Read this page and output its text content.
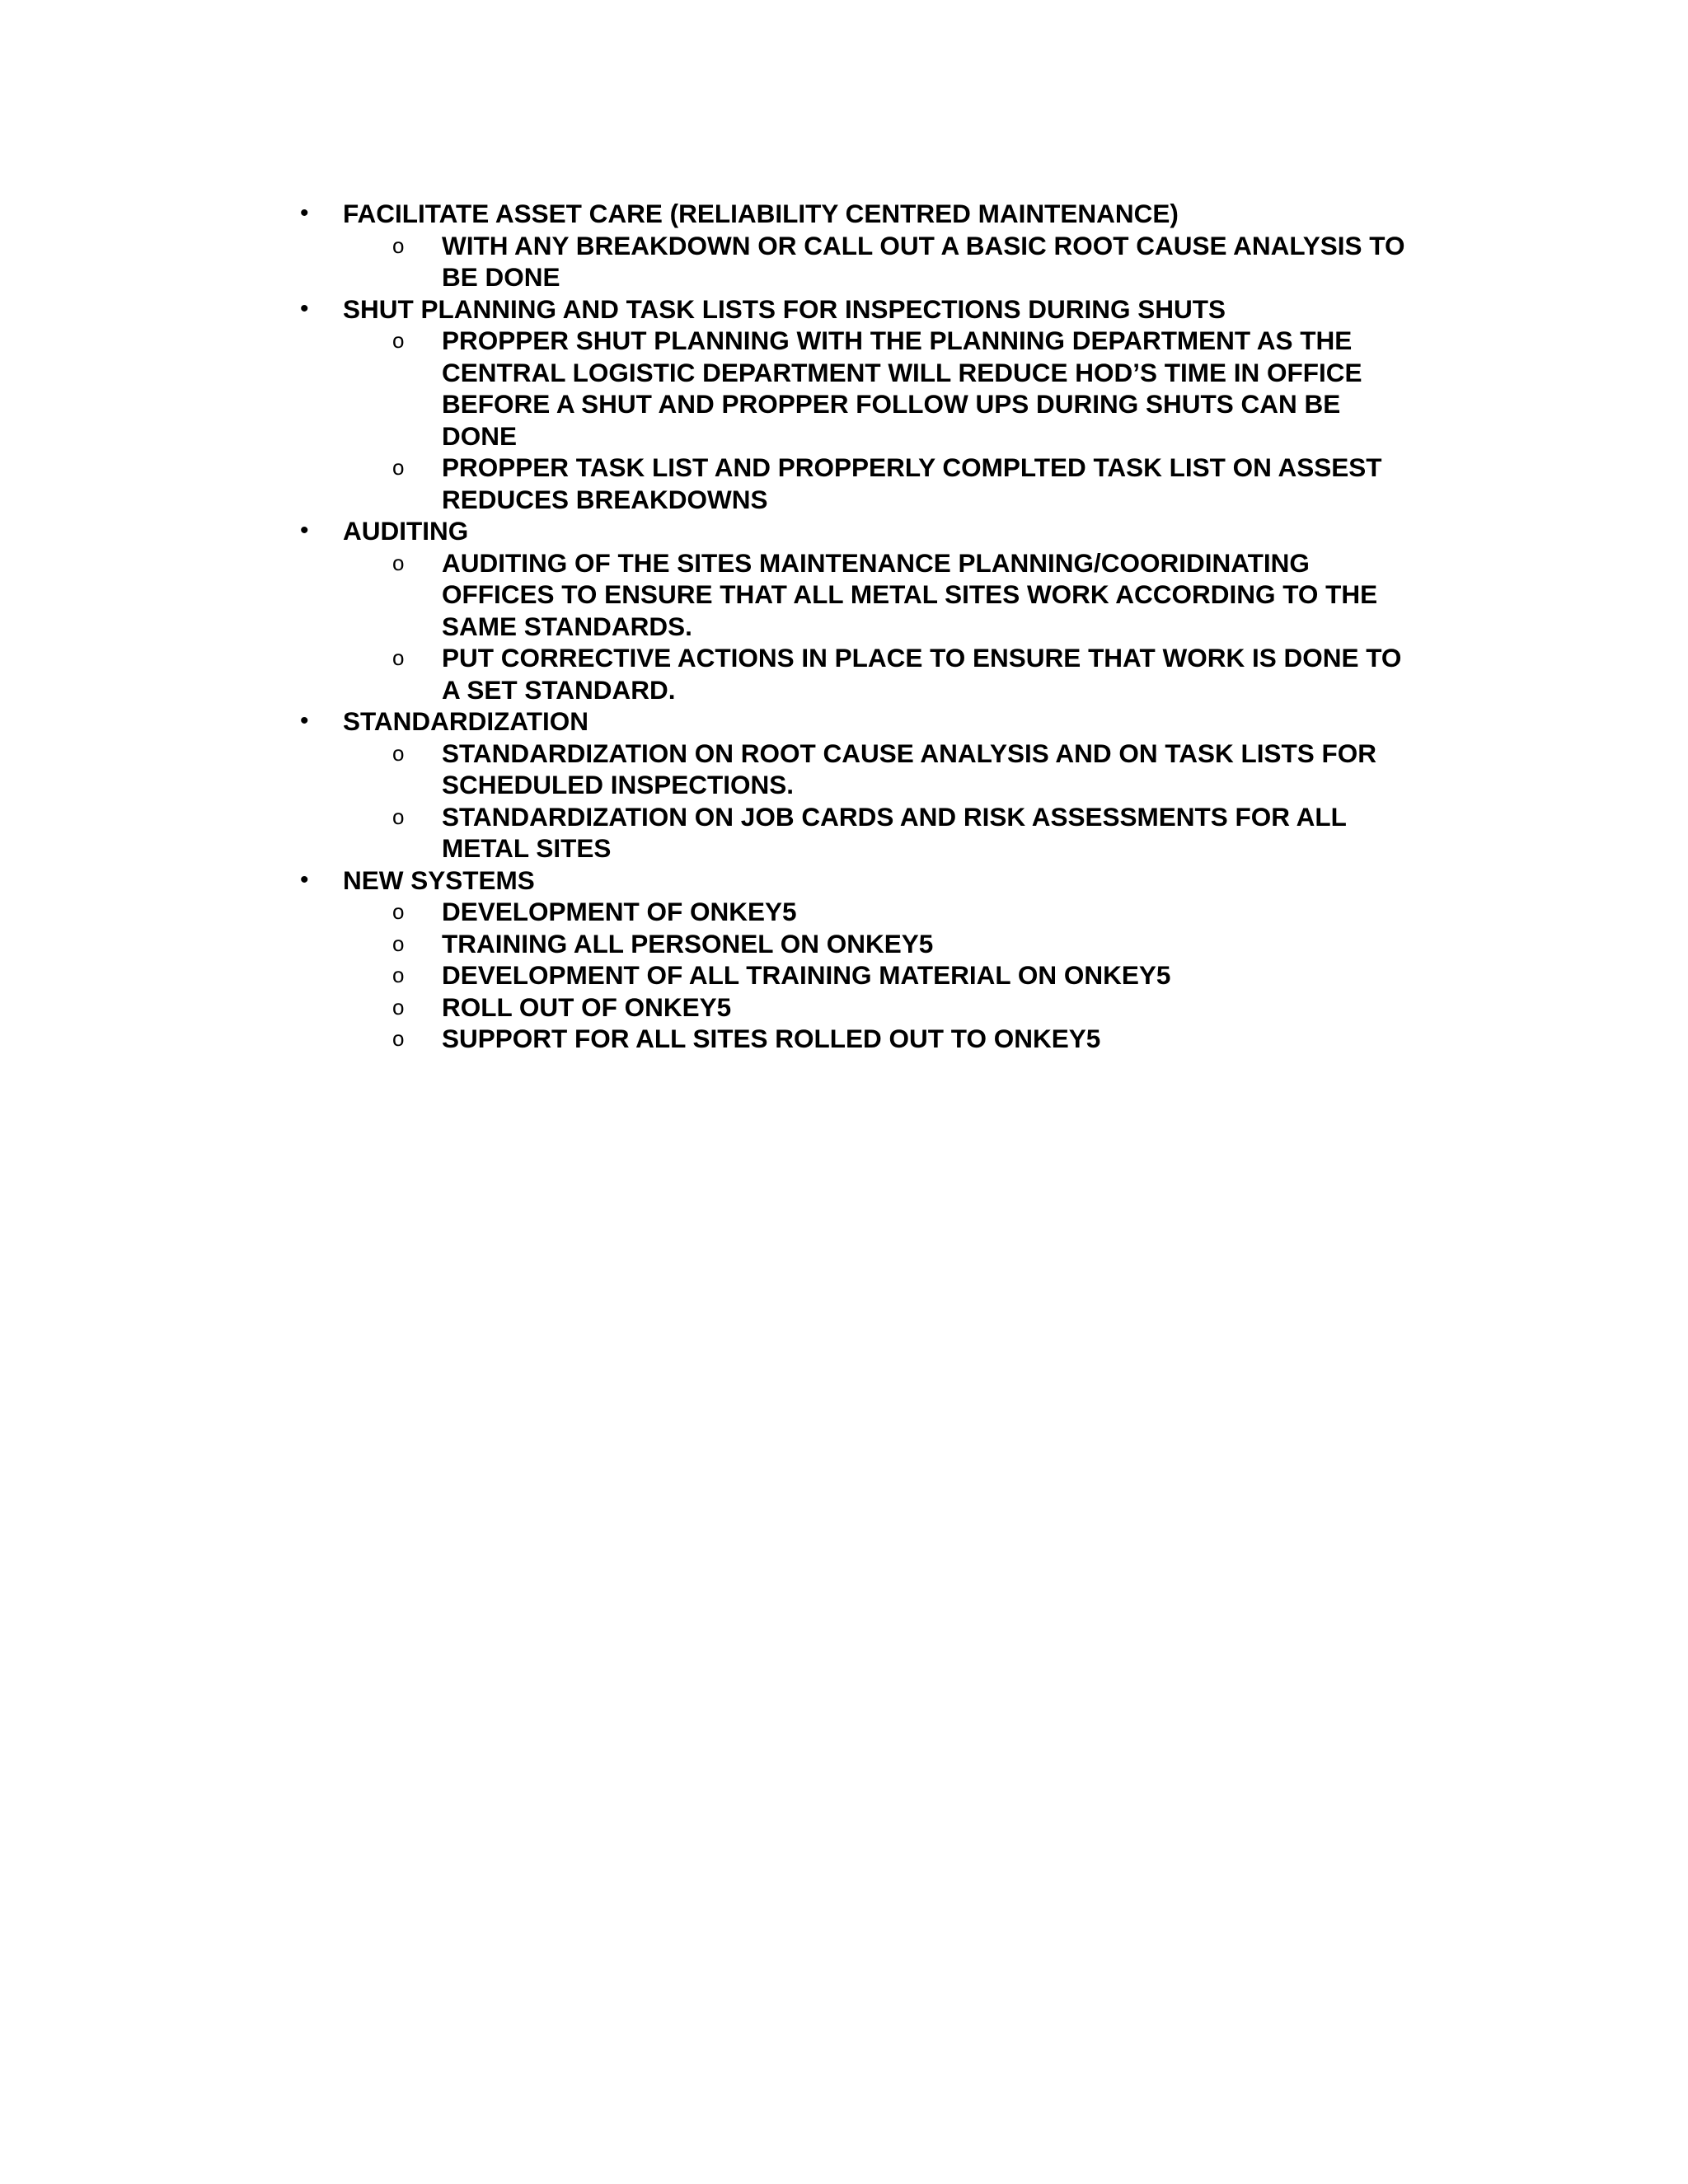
• FACILITATE ASSET CARE (RELIABILITY CENTRED MAINTENANCE)
o WITH ANY BREAKDOWN OR CALL OUT A BASIC ROOT CAUSE ANALYSIS TO BE DONE
• SHUT PLANNING AND TASK LISTS FOR INSPECTIONS DURING SHUTS
o PROPPER SHUT PLANNING WITH THE PLANNING DEPARTMENT AS THE CENTRAL LOGISTIC DEPARTMENT WILL REDUCE HOD’S TIME IN OFFICE BEFORE A SHUT AND PROPPER FOLLOW UPS DURING SHUTS CAN BE DONE
o PROPPER TASK LIST AND PROPPERLY COMPLTED TASK LIST ON ASSEST REDUCES BREAKDOWNS
• AUDITING
o AUDITING OF THE SITES MAINTENANCE PLANNING/COORIDINATING OFFICES TO ENSURE THAT ALL METAL SITES WORK ACCORDING TO THE SAME STANDARDS.
o PUT CORRECTIVE ACTIONS IN PLACE TO ENSURE THAT WORK IS DONE TO A SET STANDARD.
• STANDARDIZATION
o STANDARDIZATION ON ROOT CAUSE ANALYSIS AND ON TASK LISTS FOR SCHEDULED INSPECTIONS.
o STANDARDIZATION ON JOB CARDS AND RISK ASSESSMENTS FOR ALL METAL SITES
• NEW SYSTEMS
o DEVELOPMENT OF ONKEY5
o TRAINING ALL PERSONEL ON ONKEY5
o DEVELOPMENT OF ALL TRAINING MATERIAL ON ONKEY5
o ROLL OUT OF ONKEY5
o SUPPORT FOR ALL SITES ROLLED OUT TO ONKEY5
